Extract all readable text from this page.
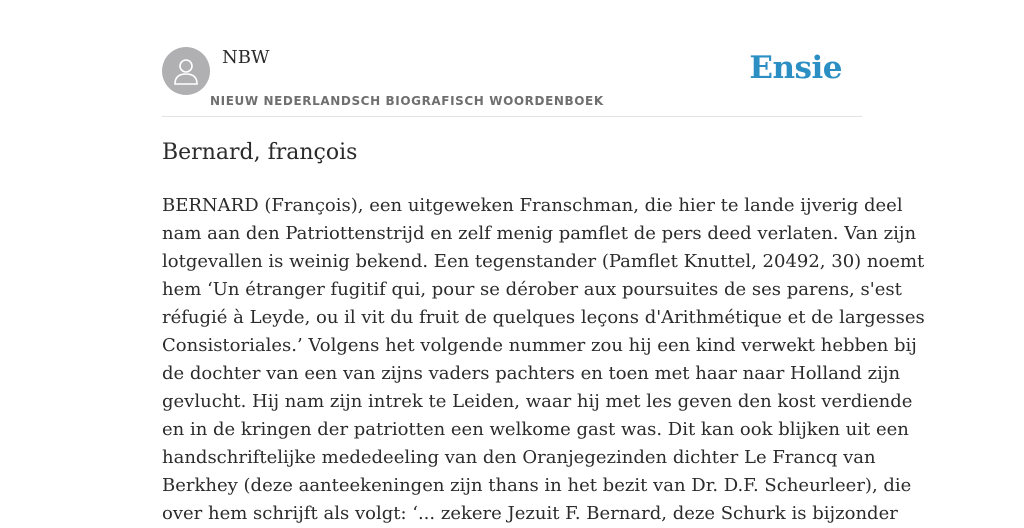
NBW
NIEUW NEDERLANDSCH BIOGRAFISCH WOORDENBOEK
Ensie
Bernard, françois
BERNARD (François), een uitgeweken Franschman, die hier te lande ijverig deel
nam aan den Patriottenstrijd en zelf menig pamflet de pers deed verlaten. Van zijn
lotgevallen is weinig bekend. Een tegenstander (Pamflet Knuttel, 20492, 30) noemt
hem ‘Un étranger fugitif qui, pour se dérober aux poursuites de ses parens, s'est
réfugié à Leyde, ou il vit du fruit de quelques leçons d'Arithmétique et de largesses
Consistoriales.’ Volgens het volgende nummer zou hij een kind verwekt hebben bij
de dochter van een van zijns vaders pachters en toen met haar naar Holland zijn
gevlucht. Hij nam zijn intrek te Leiden, waar hij met les geven den kost verdiende
en in de kringen der patriotten een welkome gast was. Dit kan ook blijken uit een
handschriftelijke mededeeling van den Oranjegezinden dichter Le Francq van
Berkhey (deze aanteekeningen zijn thans in het bezit van Dr. D.F. Scheurleer), die
over hem schrijft als volgt: ‘... zekere Jezuit F. Bernard, deze Schurk is bijzonder
